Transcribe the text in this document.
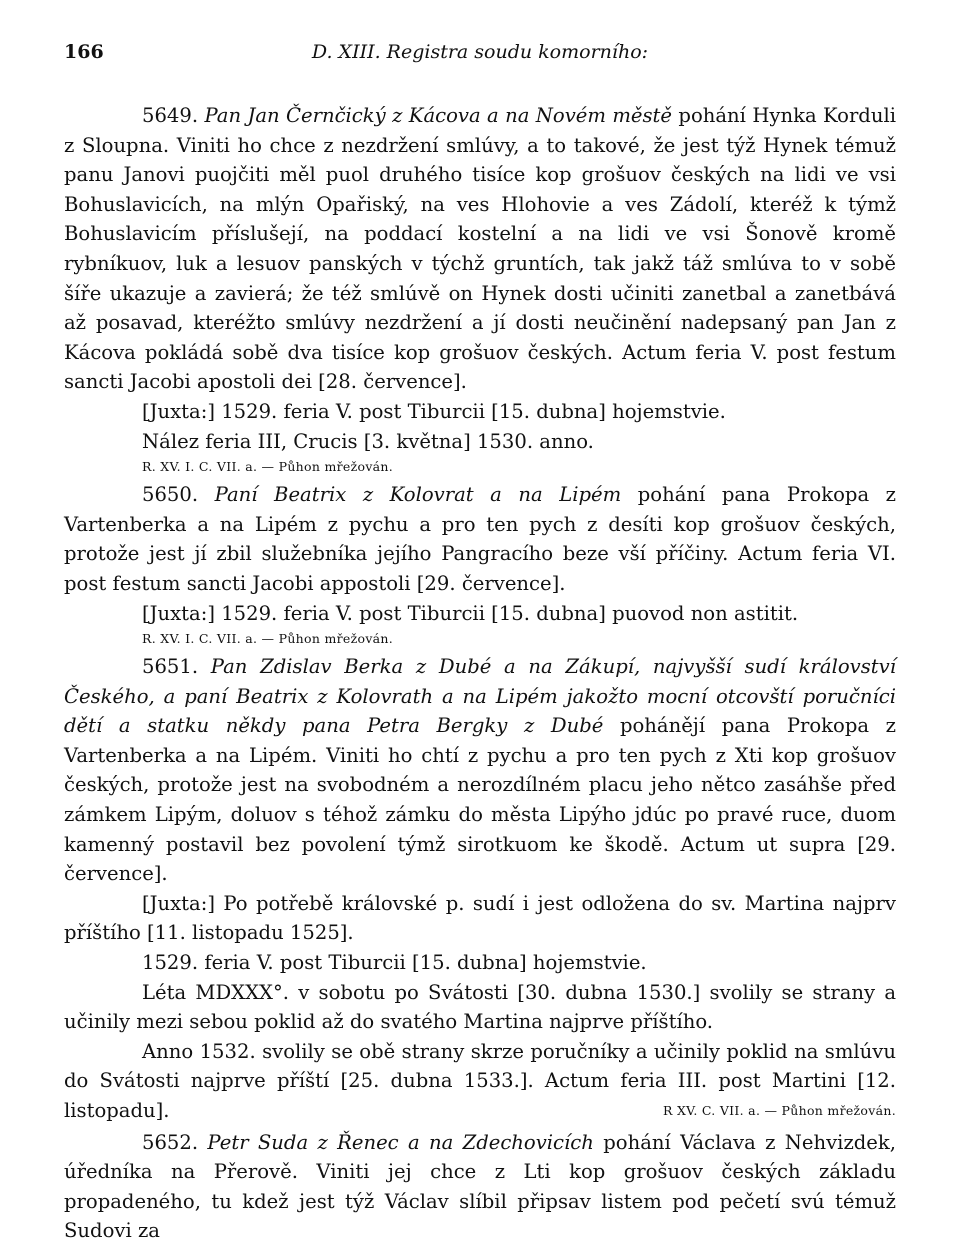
166	D. XIII. Registra soudu komorního:

5649. Pan Jan Černčický z Kácova a na Novém městě pohání Hynka Korduli z Sloupna. Viniti ho chce z nezdržení smlúvy, a to takové, že jest týž Hynek témuž panu Janovi puojčiti měl puol druhého tisíce kop grošuov českých na lidi ve vsi Bohuslavicích, na mlýn Opařiský, na ves Hlohovie a ves Zádolí, kteréž k týmž Bohuslavicím příslušejí, na poddací kostelní a na lidi ve vsi Šonově kromě rybníkuov, luk a lesuov panských v týchž gruntích, tak jakž táž smlúva to v sobě šíře ukazuje a zavierá; že též smlúvě on Hynek dosti učiniti zanetbal a zanetbává až posavad, kteréžto smlúvy nezdržení a jí dosti neučinění nadepsaný pan Jan z Kácova pokládá sobě dva tisíce kop grošuov českých. Actum feria V. post festum sancti Jacobi apostoli dei [28. července].

[Juxta:] 1529. feria V. post Tiburcii [15. dubna] hojemstvie.

Nález feria III, Crucis [3. května] 1530. anno.

R. XV. I. C. VII. a. — Půhon mřežován.

5650. Paní Beatrix z Kolovrat a na Lipém pohání pana Prokopa z Vartenberka a na Lipém z pychu a pro ten pych z desíti kop grošuov českých, protože jest jí zbil služebníka jejího Pangracího beze vší příčiny. Actum feria VI. post festum sancti Jacobi appostoli [29. července].

[Juxta:] 1529. feria V. post Tiburcii [15. dubna] puovod non astitit.

R. XV. I. C. VII. a. — Půhon mřežován.

5651. Pan Zdislav Berka z Dubé a na Zákupí, najvyšší sudí království Českého, a paní Beatrix z Kolovrath a na Lipém jakožto mocní otcovští poručníci dětí a statku někdy pana Petra Bergky z Dubé pohánějí pana Prokopa z Vartenberka a na Lipém. Viniti ho chtí z pychu a pro ten pych z Xti kop grošuov českých, protože jest na svobodném a nerozdílném placu jeho nětco zasáhše před zámkem Lipým, doluov s téhož zámku do města Lipýho jdúc po pravé ruce, duom kamenný postavil bez povolení týmž sirotkuom ke škodě. Actum ut supra [29. července].

[Juxta:] Po potřebě královské p. sudí i jest odložena do sv. Martina najprv příštího [11. listopadu 1525].

1529. feria V. post Tiburcii [15. dubna] hojemstvie.

Léta MDXXX°. v sobotu po Svátosti [30. dubna 1530.] svolily se strany a učinily mezi sebou poklid až do svatého Martina najprve příštího.

Anno 1532. svolily se obě strany skrze poručníky a učinily poklid na smlúvu do Svátosti najprve příští [25. dubna 1533.]. Actum feria III. post Martini [12. listopadu].	R XV. C. VII. a. — Půhon mřežován.

5652. Petr Suda z Řenec a na Zdechovicích pohání Václava z Nehvizdek, úředníka na Přerově. Viniti jej chce z Lti kop grošuov českých základu propadeného, tu kdež jest týž Václav slíbil připsav listem pod pečetí svú témuž Sudovi za
